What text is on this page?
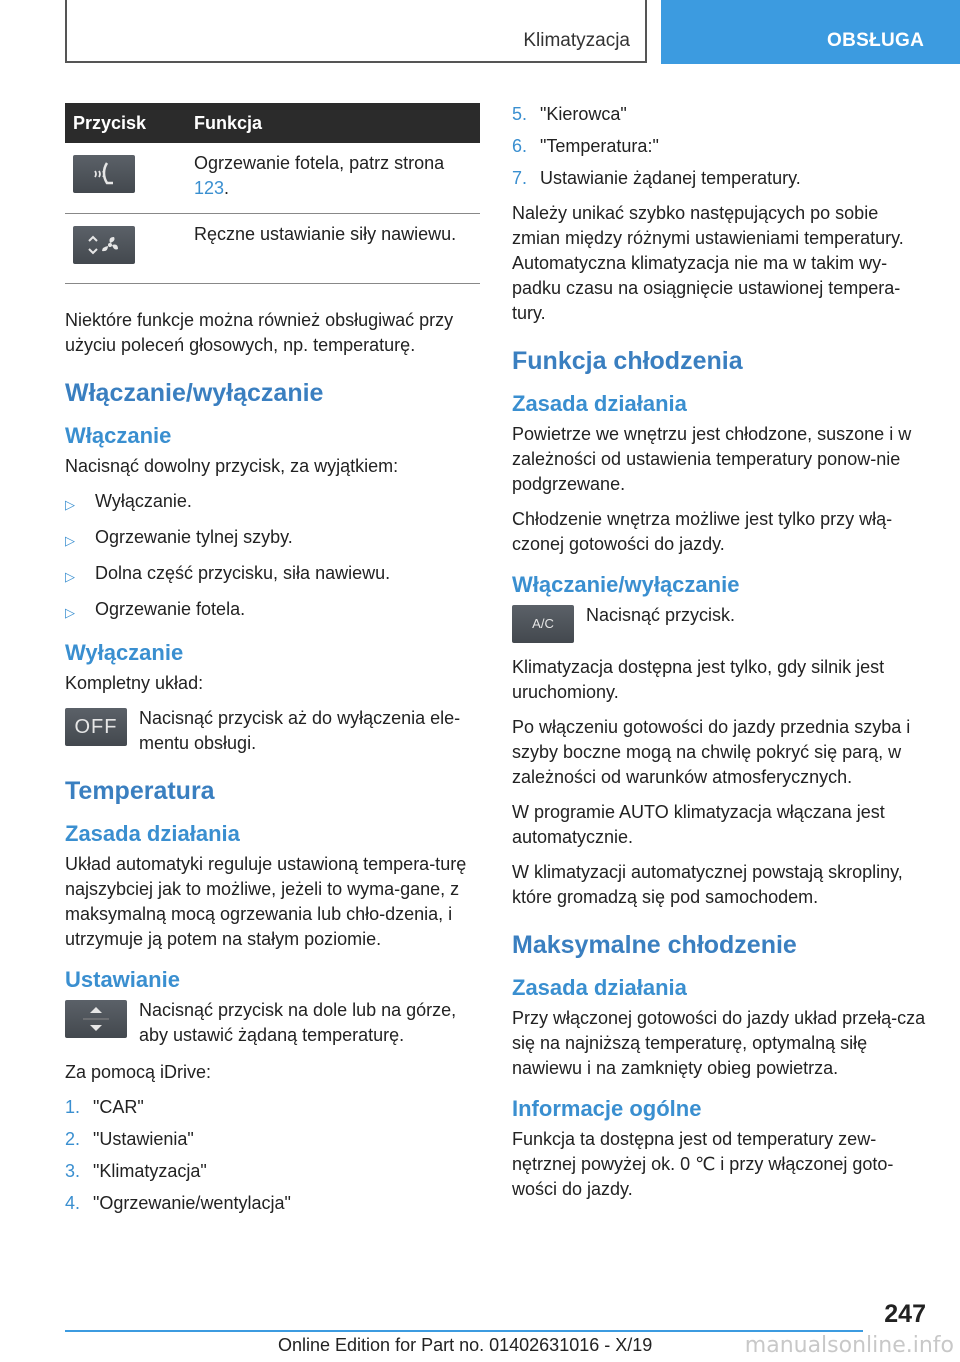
Klimatyzacja	OBSŁUGA
Przycisk	Funkcja

	Ogrzewanie fotela, patrz strona 123.

	Ręczne ustawianie siły nawiewu.

Niektóre funkcje można również obsługiwać przy użyciu poleceń głosowych, np. temperaturę.

Włączanie/wyłączanie
Włączanie

Nacisnąć dowolny przycisk, za wyjątkiem:

▷	Wyłączanie.
▷	Ogrzewanie tylnej szyby.
▷	Dolna część przycisku, siła nawiewu.
▷	Ogrzewanie fotela.
Wyłączanie

Kompletny układ:

OFF	Nacisnąć przycisk aż do wyłączenia ele-mentu obsługi.

Temperatura
Zasada działania

Układ automatyki reguluje ustawioną tempera-turę najszybciej jak to możliwe, jeżeli to wyma-gane, z maksymalną mocą ogrzewania lub chło-dzenia, i utrzymuje ją potem na stałym poziomie.

Ustawianie

Nacisnąć przycisk na dole lub na górze, aby ustawić żądaną temperaturę.

Za pomocą iDrive:

1. "CAR"
2. "Ustawienia"
3. "Klimatyzacja"
4. "Ogrzewanie/wentylacja"
5. "Kierowca"
6. "Temperatura:"
7. Ustawianie żądanej temperatury.

Należy unikać szybko następujących po sobie zmian między różnymi ustawieniami temperatury. Automatyczna klimatyzacja nie ma w takim wy-padku czasu na osiągnięcie ustawionej tempera-tury.

Funkcja chłodzenia
Zasada działania

Powietrze we wnętrzu jest chłodzone, suszone i w zależności od ustawienia temperatury ponow-nie podgrzewane.

Chłodzenie wnętrza możliwe jest tylko przy włą-czonej gotowości do jazdy.

Włączanie/wyłączanie
A/C	Nacisnąć przycisk.

Klimatyzacja dostępna jest tylko, gdy silnik jest uruchomiony.

Po włączeniu gotowości do jazdy przednia szyba i szyby boczne mogą na chwilę pokryć się parą, w zależności od warunków atmosferycznych.

W programie AUTO klimatyzacja włączana jest automatycznie.

W klimatyzacji automatycznej powstają skropliny, które gromadzą się pod samochodem.

Maksymalne chłodzenie
Zasada działania

Przy włączonej gotowości do jazdy układ przełą-cza się na najniższą temperaturę, optymalną siłę nawiewu i na zamknięty obieg powietrza.

Informacje ogólne

Funkcja ta dostępna jest od temperatury zew-nętrznej powyżej ok. 0 ℃ i przy włączonej goto-wości do jazdy.

247
Online Edition for Part no. 01402631016 - X/19	manualsonline.info
